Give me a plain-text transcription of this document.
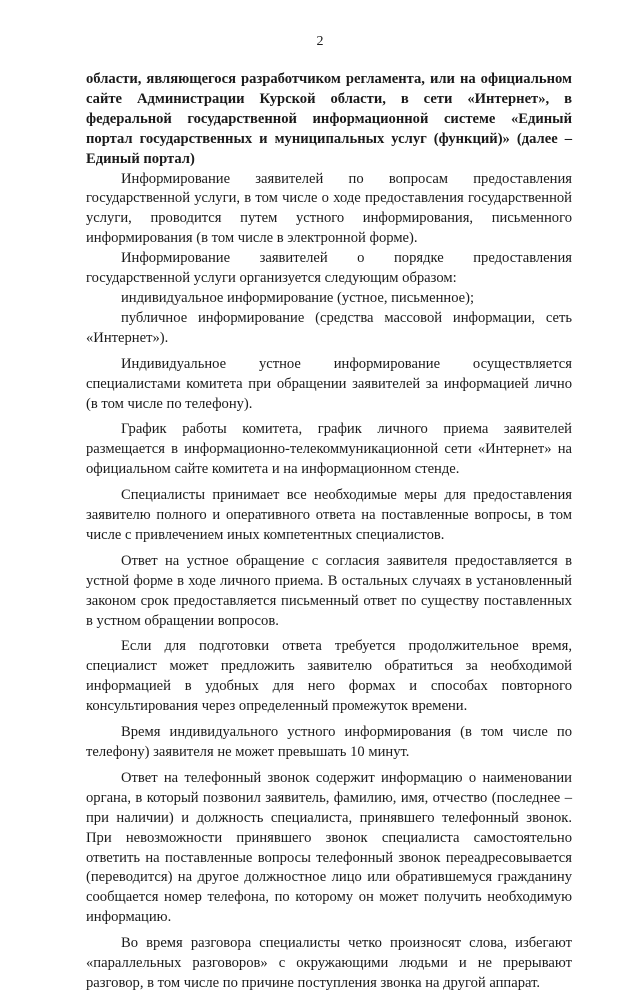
2

области, являющегося разработчиком регламента, или на официальном сайте Администрации Курской области, в сети «Интернет», в федеральной государственной информационной системе «Единый портал государственных и муниципальных услуг (функций)» (далее – Единый портал)

Информирование заявителей по вопросам предоставления государственной услуги, в том числе о ходе предоставления государственной услуги, проводится путем устного информирования, письменного информирования (в том числе в электронной форме).

Информирование заявителей о порядке предоставления государственной услуги организуется следующим образом:

индивидуальное информирование (устное, письменное);

публичное информирование (средства массовой информации, сеть «Интернет»).

Индивидуальное устное информирование осуществляется специалистами комитета при обращении заявителей за информацией лично (в том числе по телефону).

График работы комитета, график личного приема заявителей размещается в информационно-телекоммуникационной сети «Интернет» на официальном сайте комитета и на информационном стенде.

Специалисты принимает все необходимые меры для предоставления заявителю полного и оперативного ответа на поставленные вопросы, в том числе с привлечением иных компетентных специалистов.

Ответ на устное обращение с согласия заявителя предоставляется в устной форме в ходе личного приема. В остальных случаях в установленный законом срок предоставляется письменный ответ по существу поставленных в устном обращении вопросов.

Если для подготовки ответа требуется продолжительное время, специалист может предложить заявителю обратиться за необходимой информацией в удобных для него формах и способах повторного консультирования через определенный промежуток времени.

Время индивидуального устного информирования (в том числе по телефону) заявителя не может превышать 10 минут.

Ответ на телефонный звонок содержит информацию о наименовании органа, в который позвонил заявитель, фамилию, имя, отчество (последнее – при наличии) и должность специалиста, принявшего телефонный звонок. При невозможности принявшего звонок специалиста самостоятельно ответить на поставленные вопросы телефонный звонок переадресовывается (переводится) на другое должностное лицо или обратившемуся гражданину сообщается номер телефона, по которому он может получить необходимую информацию.

Во время разговора специалисты четко произносят слова, избегают «параллельных разговоров» с окружающими людьми и не прерывают разговор, в том числе по причине поступления звонка на другой аппарат.
